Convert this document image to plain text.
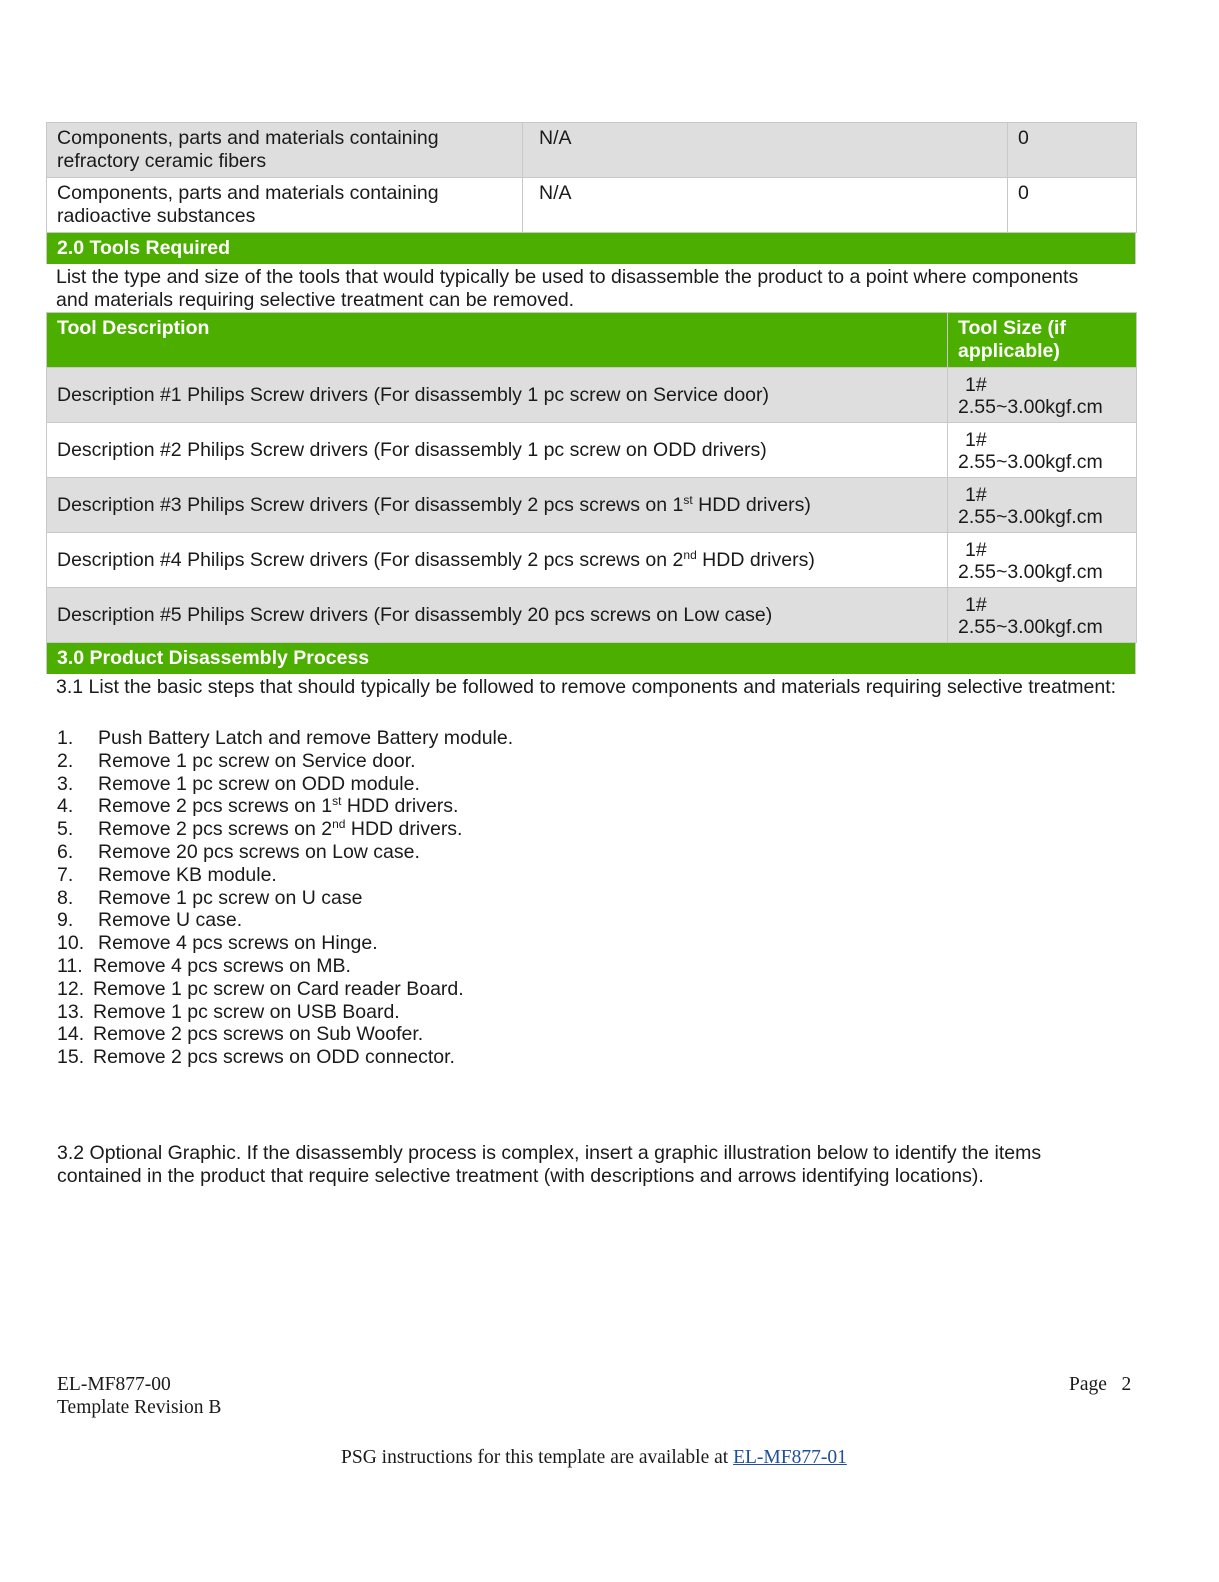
Components, parts and materials containing
refractory ceramic fibers	N/A	0
Components, parts and materials containing
radioactive substances	N/A	0
2.0 Tools Required
List the type and size of the tools that would typically be used to disassemble the product to a point where components
and materials requiring selective treatment can be removed.
Tool Description	Tool Size (if
applicable)
Description #1 Philips Screw drivers (For disassembly 1 pc screw on Service door)	1#
2.55~3.00kgf.cm
Description #2 Philips Screw drivers (For disassembly 1 pc screw on ODD drivers)	1#
2.55~3.00kgf.cm
Description #3 Philips Screw drivers (For disassembly 2 pcs screws on 1st HDD drivers)	1#
2.55~3.00kgf.cm
Description #4 Philips Screw drivers (For disassembly 2 pcs screws on 2nd HDD drivers)	1#
2.55~3.00kgf.cm
Description #5 Philips Screw drivers (For disassembly 20 pcs screws on Low case)	1#
2.55~3.00kgf.cm
3.0 Product Disassembly Process
3.1 List the basic steps that should typically be followed to remove components and materials requiring selective treatment:
1.	Push Battery Latch and remove Battery module.
2.	Remove 1 pc screw on Service door.
3.	Remove 1 pc screw on ODD module.
4.	Remove 2 pcs screws on 1st HDD drivers.
5.	Remove 2 pcs screws on 2nd HDD drivers.
6.	Remove 20 pcs screws on Low case.
7.	Remove KB module.
8.	Remove 1 pc screw on U case
9.	Remove U case.
10. Remove 4 pcs screws on Hinge.
11. Remove 4 pcs screws on MB.
12. Remove 1 pc screw on Card reader Board.
13. Remove 1 pc screw on USB Board.
14. Remove 2 pcs screws on Sub Woofer.
15. Remove 2 pcs screws on ODD connector.
3.2 Optional Graphic. If the disassembly process is complex, insert a graphic illustration below to identify the items
contained in the product that require selective treatment (with descriptions and arrows identifying locations).
EL-MF877-00
Template Revision B
Page 2
PSG instructions for this template are available at EL-MF877-01
